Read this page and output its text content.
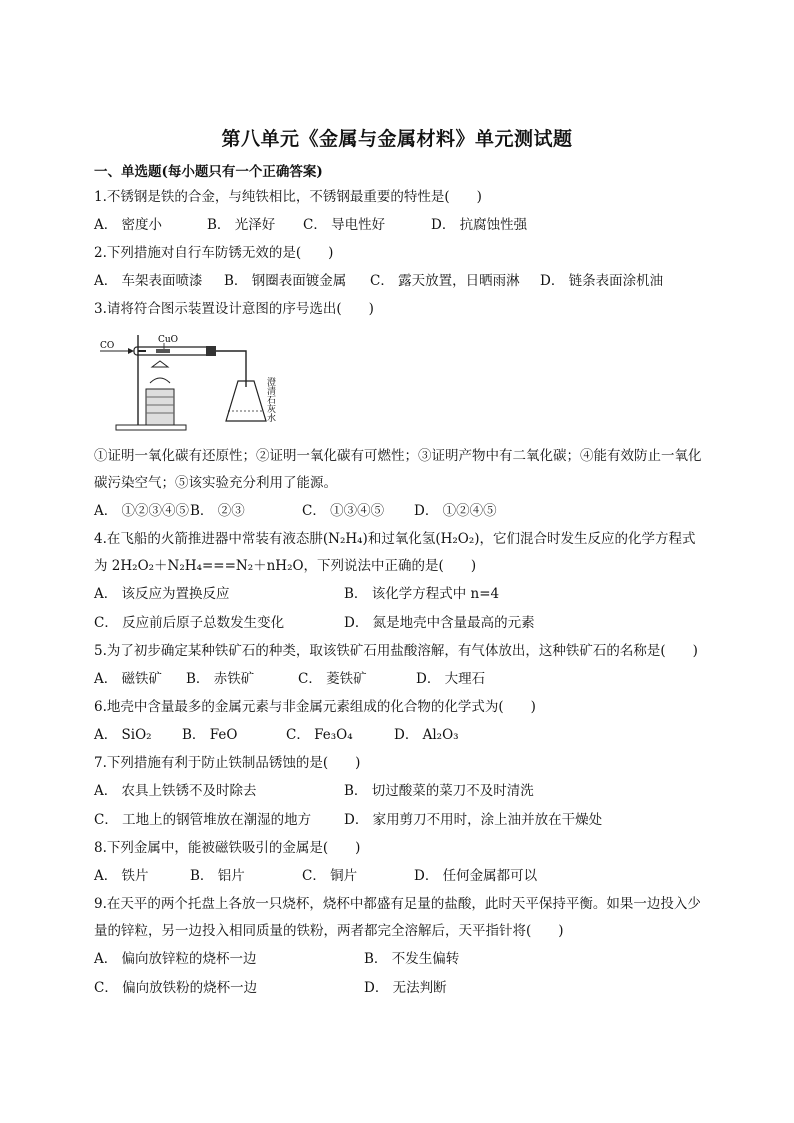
第八单元《金属与金属材料》单元测试题
一、单选题(每小题只有一个正确答案)
1.不锈钢是铁的合金，与纯铁相比，不锈钢最重要的特性是(　　)
A． 密度小	B． 光泽好	C． 导电性好	D． 抗腐蚀性强
2.下列措施对自行车防锈无效的是(　　)
A． 车架表面喷漆	B． 钢圈表面镀金属	C． 露天放置，日晒雨淋	D． 链条表面涂机油
3.请将符合图示装置设计意图的序号选出(　　)
CO
CuO
澄清石灰水
①证明一氧化碳有还原性；②证明一氧化碳有可燃性；③证明产物中有二氧化碳；④能有效防止一氧化碳污染空气；⑤该实验充分利用了能源。
A． ①②③④⑤ B． ②③	C． ①③④⑤	D． ①②④⑤
4.在飞船的火箭推进器中常装有液态肼(N₂H₄)和过氧化氢(H₂O₂)，它们混合时发生反应的化学方程式为 2H₂O₂＋N₂H₄===N₂＋nH₂O，下列说法中正确的是(　　)
A． 该反应为置换反应	B． 该化学方程式中 n=4
C． 反应前后原子总数发生变化	D． 氮是地壳中含量最高的元素
5.为了初步确定某种铁矿石的种类，取该铁矿石用盐酸溶解，有气体放出，这种铁矿石的名称是(　　)
A． 磁铁矿	B． 赤铁矿	C． 菱铁矿	D． 大理石
6.地壳中含量最多的金属元素与非金属元素组成的化合物的化学式为(　　)
A． SiO₂	B． FeO	C． Fe₃O₄	D． Al₂O₃
7.下列措施有利于防止铁制品锈蚀的是(　　)
A． 农具上铁锈不及时除去	B． 切过酸菜的菜刀不及时清洗
C． 工地上的钢管堆放在潮湿的地方	D． 家用剪刀不用时，涂上油并放在干燥处
8.下列金属中，能被磁铁吸引的金属是(　　)
A． 铁片	B． 铝片	C． 铜片	D． 任何金属都可以
9.在天平的两个托盘上各放一只烧杯，烧杯中都盛有足量的盐酸，此时天平保持平衡。如果一边投入少量的锌粒，另一边投入相同质量的铁粉，两者都完全溶解后，天平指针将(　　)
A． 偏向放锌粒的烧杯一边	B． 不发生偏转
C． 偏向放铁粉的烧杯一边	D． 无法判断
